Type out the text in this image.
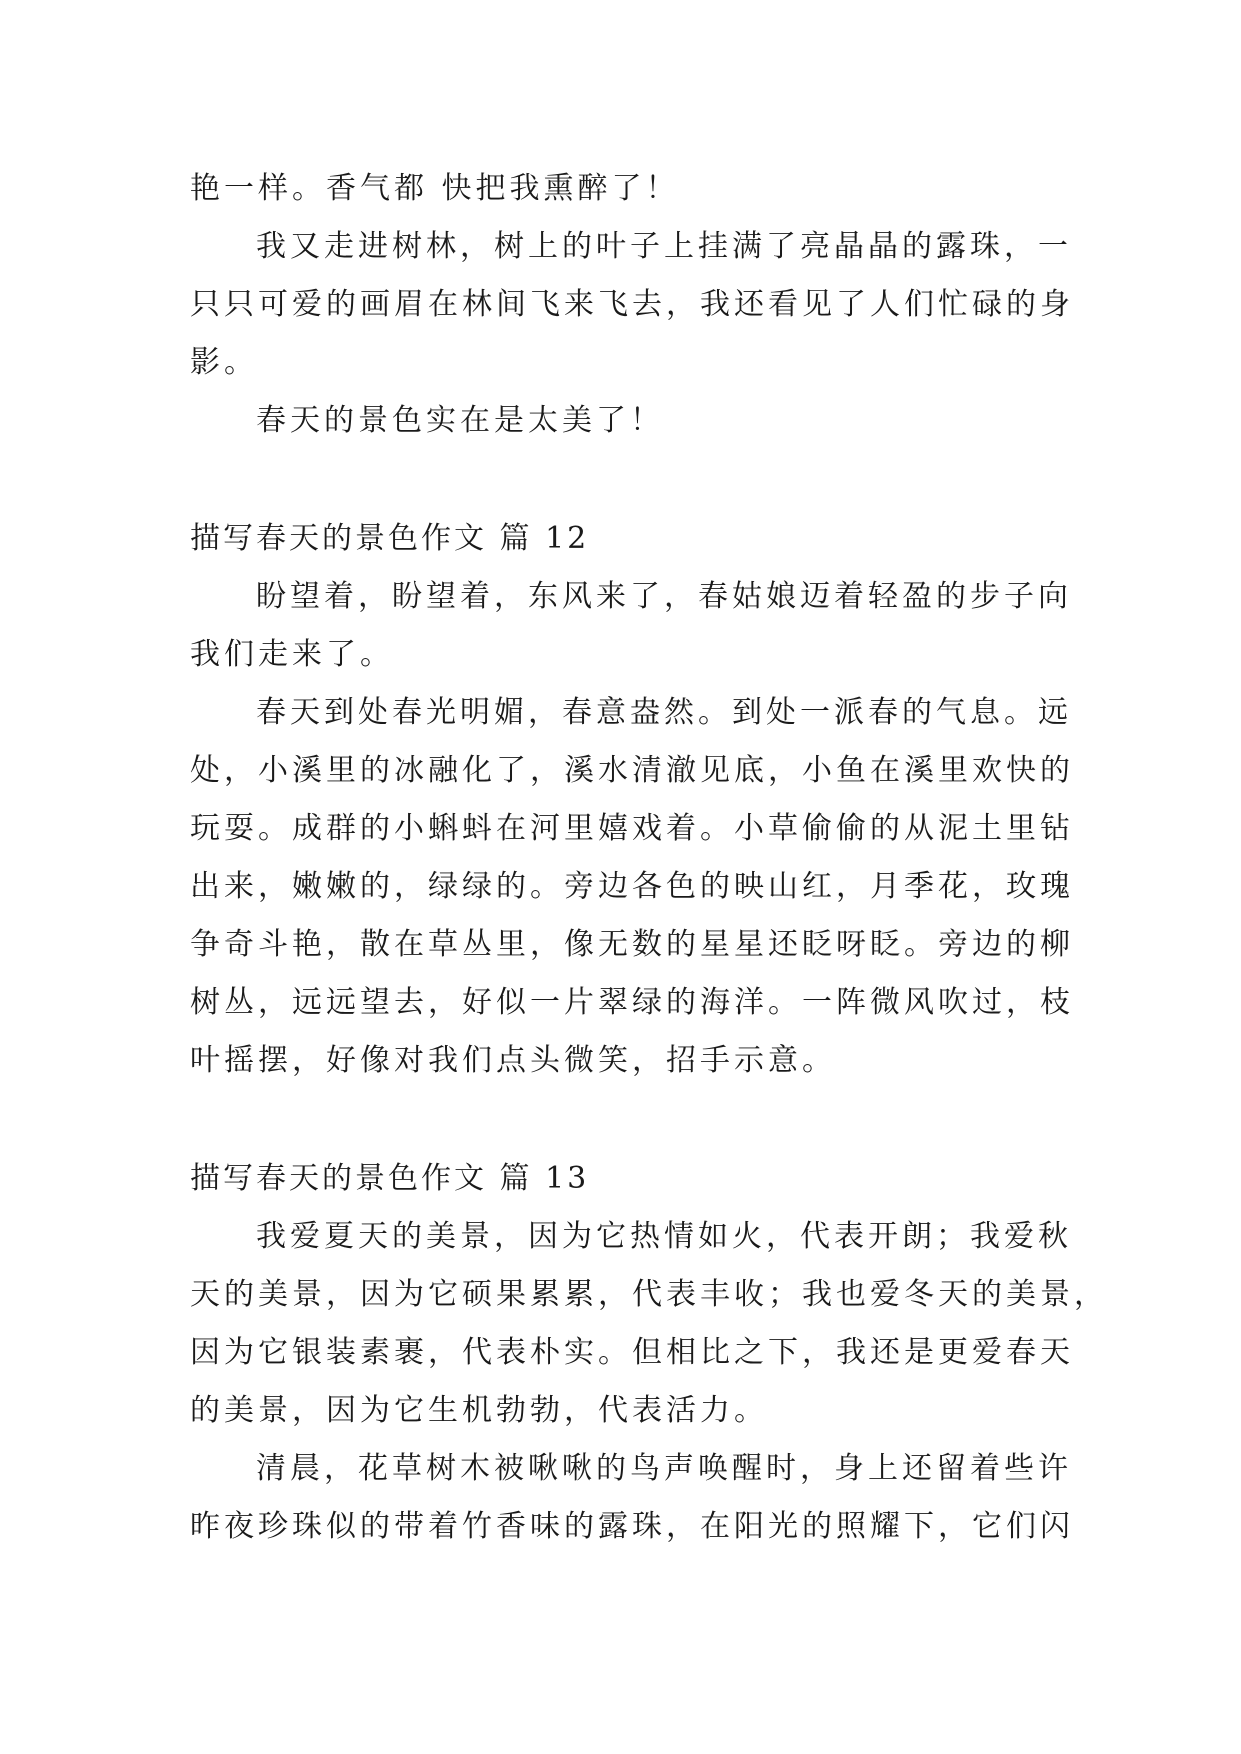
艳一样。香气都 快把我熏醉了！
我又走进树林，树上的叶子上挂满了亮晶晶的露珠，一
只只可爱的画眉在林间飞来飞去，我还看见了人们忙碌的身
影。
春天的景色实在是太美了！
描写春天的景色作文 篇 12
盼望着，盼望着，东风来了，春姑娘迈着轻盈的步子向
我们走来了。
春天到处春光明媚，春意盎然。到处一派春的气息。远
处，小溪里的冰融化了，溪水清澈见底，小鱼在溪里欢快的
玩耍。成群的小蝌蚪在河里嬉戏着。小草偷偷的从泥土里钻
出来，嫩嫩的，绿绿的。旁边各色的映山红，月季花，玫瑰
争奇斗艳，散在草丛里，像无数的星星还眨呀眨。旁边的柳
树丛，远远望去，好似一片翠绿的海洋。一阵微风吹过，枝
叶摇摆，好像对我们点头微笑，招手示意。
描写春天的景色作文 篇 13
我爱夏天的美景，因为它热情如火，代表开朗；我爱秋
天的美景，因为它硕果累累，代表丰收；我也爱冬天的美景，
因为它银装素裹，代表朴实。但相比之下，我还是更爱春天
的美景，因为它生机勃勃，代表活力。
清晨，花草树木被啾啾的鸟声唤醒时，身上还留着些许
昨夜珍珠似的带着竹香味的露珠，在阳光的照耀下，它们闪
